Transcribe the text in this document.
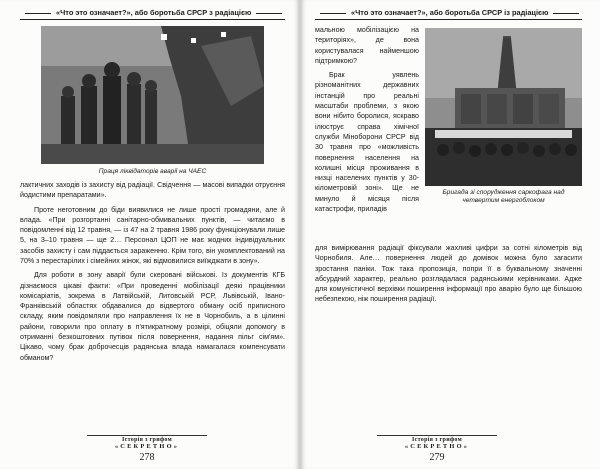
«Что это означает?», або боротьба СРСР з радіацією
Праця ліквідаторів аварії на ЧАЕС

лактичних заходів із захисту від радіації. Свідчення — масові випадки отруєння йодистими препаратами».

Проте неготовним до біди виявилися не лише прості громадяни, але й влада. «При розгортанні санітарно-обмивальних пунктів, — читаємо в повідомленні від 12 травня, — із 47 на 2 травня 1986 року функціонували лише 5, на 3–10 травня — ще 2… Персонал ЦОП не має жодних індивідуальних засобів захисту і сам піддається зараженню. Крім того, він укомплектований на 70% з перестарілих і сімейних жінок, які відмовилися виїжджати в зону».

Для роботи в зону аварії були скеровані військові. Із документів КГБ дізнаємося цікаві факти: «При проведенні мобілізації деякі працівники комісаріатів, зокрема в Латвійській, Литовській РСР, Львівській, Івано-Франківській областях обдавалися до відвертого обману осіб приписного складу, яким повідомляли про направлення їх не в Чорнобиль, а в цілинні райони, говорили про оплату в п'ятикратному розмірі, обіцяли допомогу в отриманні безкоштовних путівок після повернення, надання пільг сім'ям». Цікаво, чому брак доброчесців радянська влада намагалася компенсувати обманом?

Історія з грифом
«СЕКРЕТНО»
278
«Что это означает?», або боротьба СРСР із радіацією

мальною мобілізацією на територіях», де вона користувалася найменшою підтримкою?

Брак уявлень різноманітних державних інстанцій про реальні масштаби проблеми, з якою вони нібито боролися, яскраво ілюструє справа хімічної служби Міноборони СРСР від 30 травня про «можливість повернення населення на колишні місця проживання в низці населених пунктів у 30-кілометровій зоні». Ще не минуло й місяця після катастрофи, приладів

Бригада зі спорудження саркофага над четвертим енергоблоком

для вимірювання радіації фіксували жахливі цифри за сотні кілометрів від Чорнобиля. Але… повернення людей до домівок можна було загасити зростання паніки. Тож така пропозиція, попри її в буквальному значенні абсурдний характер, реально розглядалася радянськими керівниками. Адже для комуністичної верхівки поширення інформації про аварію було ще більшою небезпекою, ніж поширення радіації.

Історія з грифом
«СЕКРЕТНО»
279
